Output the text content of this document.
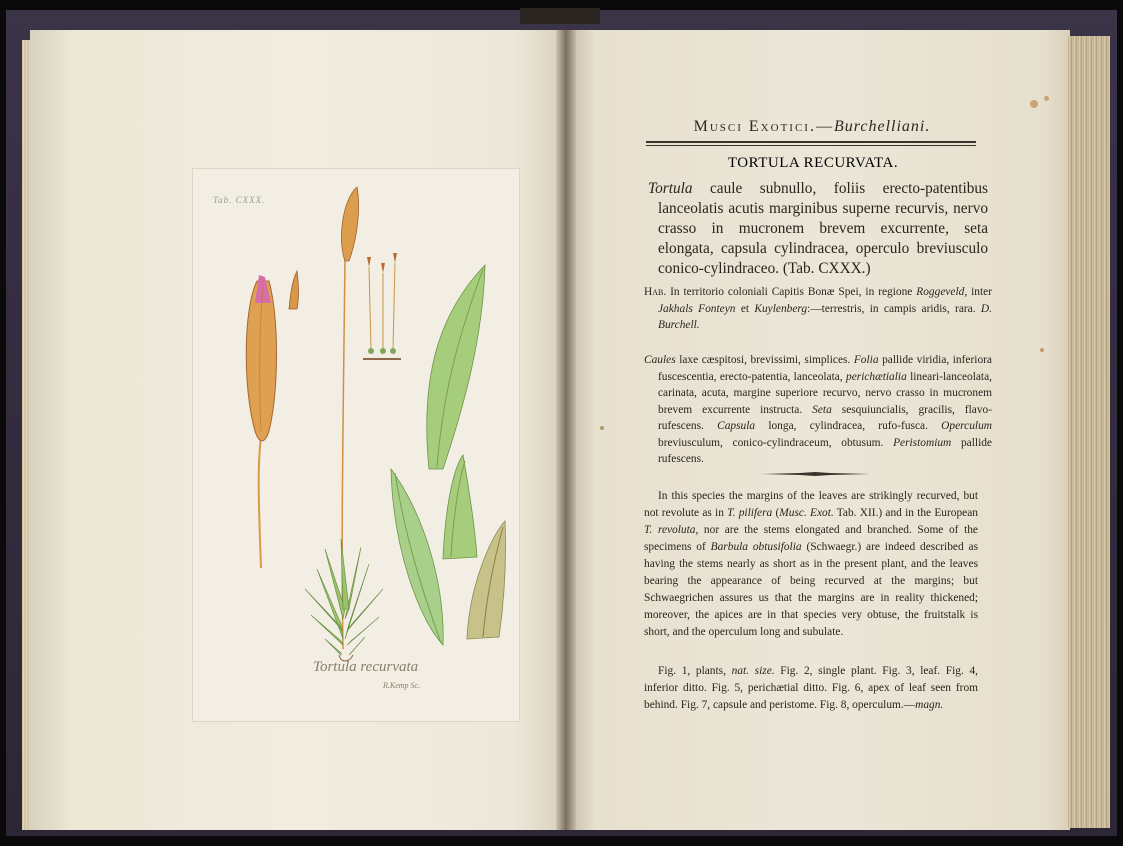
Tab. CXXX.
Tortula recurvata
R.Kemp Sc.
Musci Exotici.—Burchelliani.
TORTULA RECURVATA.
Tortula caule subnullo, foliis erecto-patentibus lanceolatis acutis marginibus superne recurvis, nervo crasso in mucronem brevem excurrente, seta elongata, capsula cylindracea, operculo breviusculo conico-cylindraceo. (Tab. CXXX.)
Hab. In territorio coloniali Capitis Bonæ Spei, in regione Roggeveld, inter Jakhals Fonteyn et Kuylenberg:—terrestris, in campis aridis, rara. D. Burchell.
Caules laxe cæspitosi, brevissimi, simplices. Folia pallide viridia, inferiora fuscescentia, erecto-patentia, lanceolata, perichætialia lineari-lanceolata, carinata, acuta, margine superiore recurvo, nervo crasso in mucronem brevem excurrente instructa. Seta sesquiuncialis, gracilis, flavo-rufescens. Capsula longa, cylindracea, rufo-fusca. Operculum breviusculum, conico-cylindraceum, obtusum. Peristomium pallide rufescens.
In this species the margins of the leaves are strikingly recurved, but not revolute as in T. pilifera (Musc. Exot. Tab. XII.) and in the European T. revoluta, nor are the stems elongated and branched. Some of the specimens of Barbula obtusifolia (Schwaegr.) are indeed described as having the stems nearly as short as in the present plant, and the leaves bearing the appearance of being recurved at the margins; but Schwaegrichen assures us that the margins are in reality thickened; moreover, the apices are in that species very obtuse, the fruitstalk is short, and the operculum long and subulate.
Fig. 1, plants, nat. size. Fig. 2, single plant. Fig. 3, leaf. Fig. 4, inferior ditto. Fig. 5, perichætial ditto. Fig. 6, apex of leaf seen from behind. Fig. 7, capsule and peristome. Fig. 8, operculum.—magn.
